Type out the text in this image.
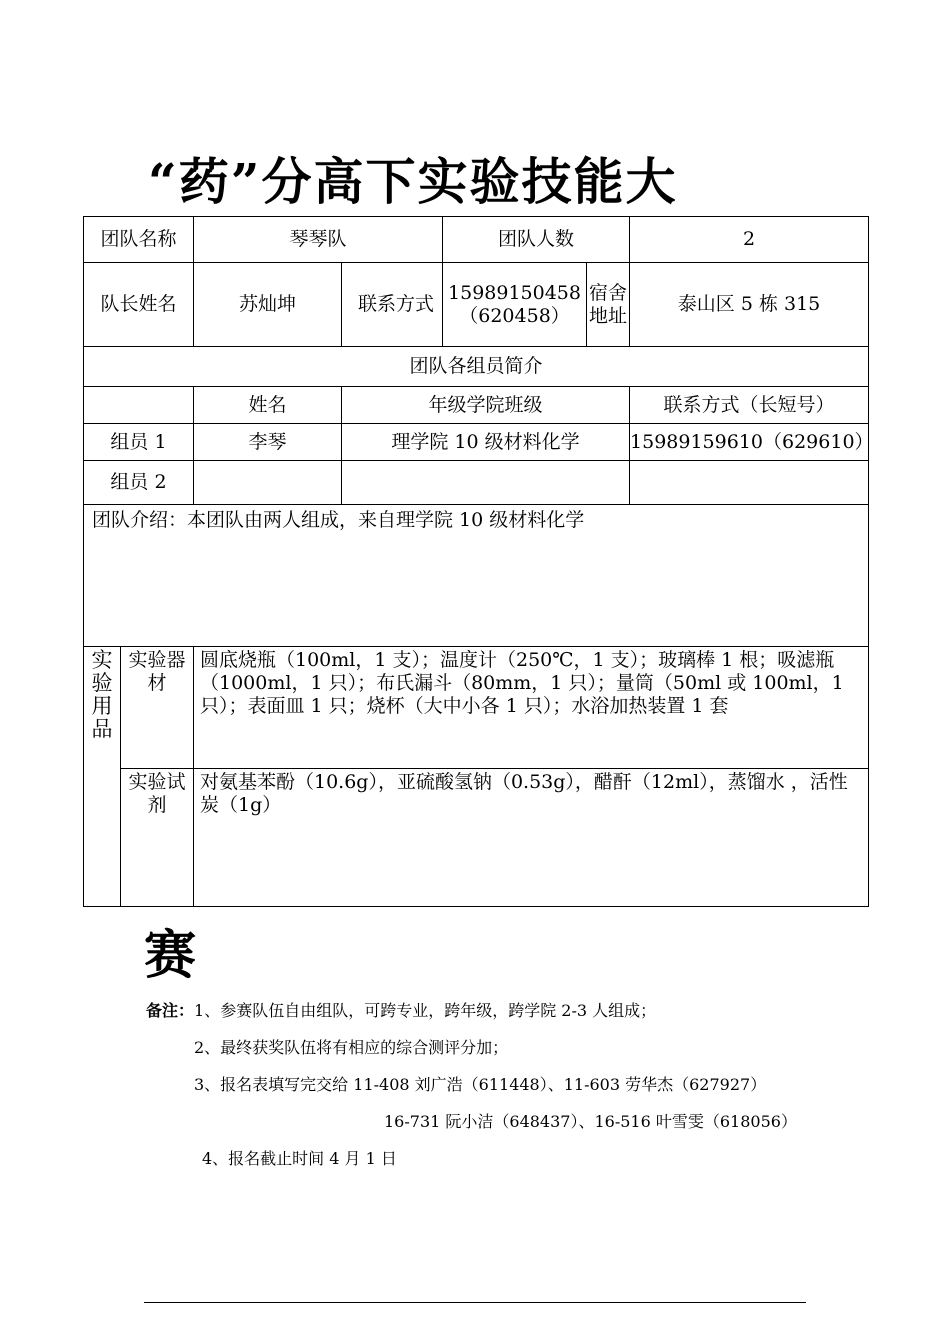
“药”分高下实验技能大
团队名称		琴琴队		团队人数		2
队长姓名		苏灿坤	联系方式	15989150458（620458）	宿舍地址	泰山区 5 栋 315
团队各组员简介						
		姓名	年级学院班级			联系方式（长短号）
组员 1		李琴	理学院 10 级材料化学			15989159610（629610）
组员 2						
团队介绍：本团队由两人组成，来自理学院 10 级材料化学						
实验用品	实验器材	圆底烧瓶（100ml，1 支）；温度计（250℃，1 支）；玻璃棒 1 根；吸滤瓶（1000ml，1 只）；布氏漏斗（80mm，1 只）；量筒（50ml 或 100ml，1 只）；表面皿 1 只；烧杯（大中小各 1 只）；水浴加热装置 1 套				
	实验试剂	对氨基苯酚（10.6g），亚硫酸氢钠（0.53g），醋酐（12ml），蒸馏水 ，活性炭（1g）				
赛
备注：1、参赛队伍自由组队，可跨专业，跨年级，跨学院 2-3 人组成；
2、最终获奖队伍将有相应的综合测评分加；
3、报名表填写完交给 11-408 刘广浩（611448）、11-603 劳华杰（627927）
16-731 阮小洁（648437）、16-516 叶雪雯（618056）
4、报名截止时间 4 月 1 日
